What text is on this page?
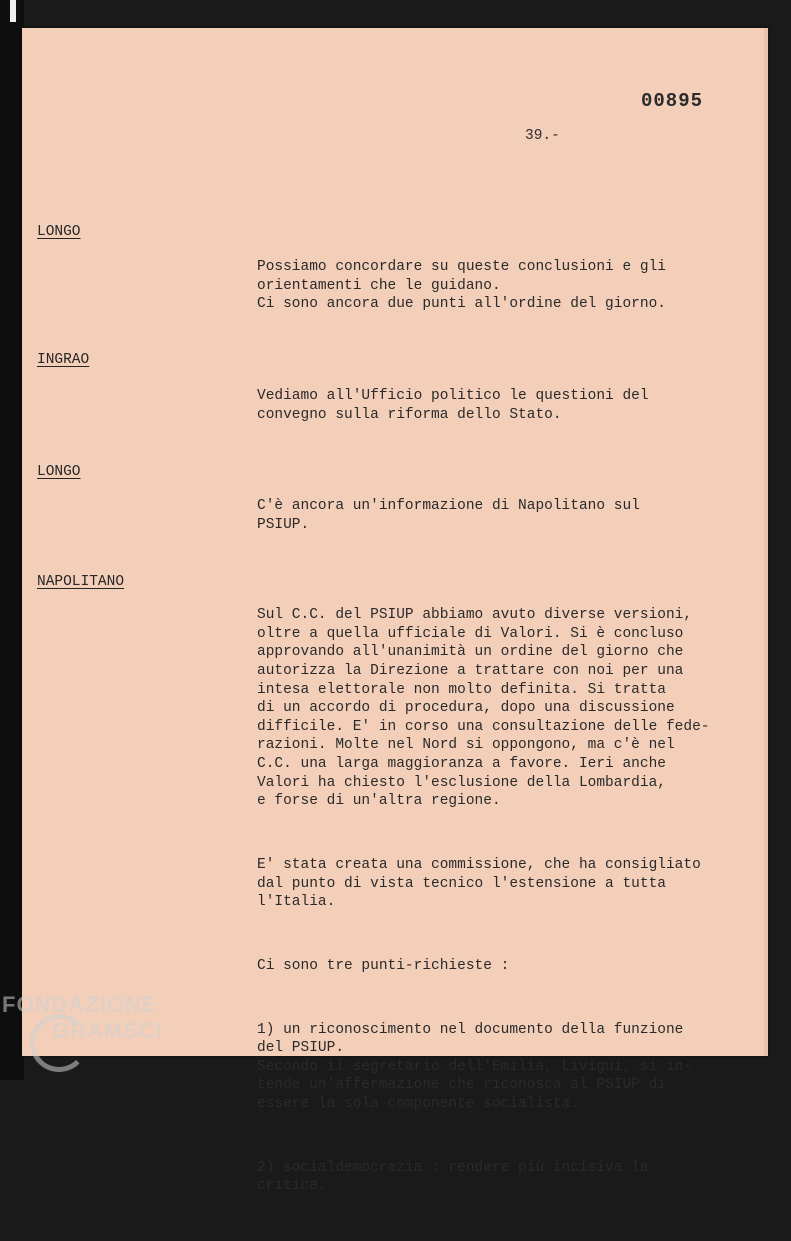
00895
39.-
LONGO

Possiamo concordare su queste conclusioni e gli
orientamenti che le guidano.
Ci sono ancora due punti all'ordine del giorno.

INGRAO

Vediamo all'Ufficio politico le questioni del
convegno sulla riforma dello Stato.

LONGO

C'è ancora un'informazione di Napolitano sul
PSIUP.

NAPOLITANO

Sul C.C. del PSIUP abbiamo avuto diverse versioni,
oltre a quella ufficiale di Valori. Si è concluso
approvando all'unanimità un ordine del giorno che
autorizza la Direzione a trattare con noi per una
intesa elettorale non molto definita. Si tratta
di un accordo di procedura, dopo una discussione
difficile. E' in corso una consultazione delle fede-
razioni. Molte nel Nord si oppongono, ma c'è nel
C.C. una larga maggioranza a favore. Ieri anche
Valori ha chiesto l'esclusione della Lombardia,
e forse di un'altra regione.

E' stata creata una commissione, che ha consigliato
dal punto di vista tecnico l'estensione a tutta
l'Italia.

Ci sono tre punti-richieste :

1) un riconoscimento nel documento della funzione
del PSIUP.
Secondo il segretario dell'Emilia, Livigui, si in-
tende un'affermazione che riconosca al PSIUP di
essere la sola componente socialista.

2) socialdemocrazia : rendere più incisiva la
critica.

FONDAZIONE
GRAMSCI
